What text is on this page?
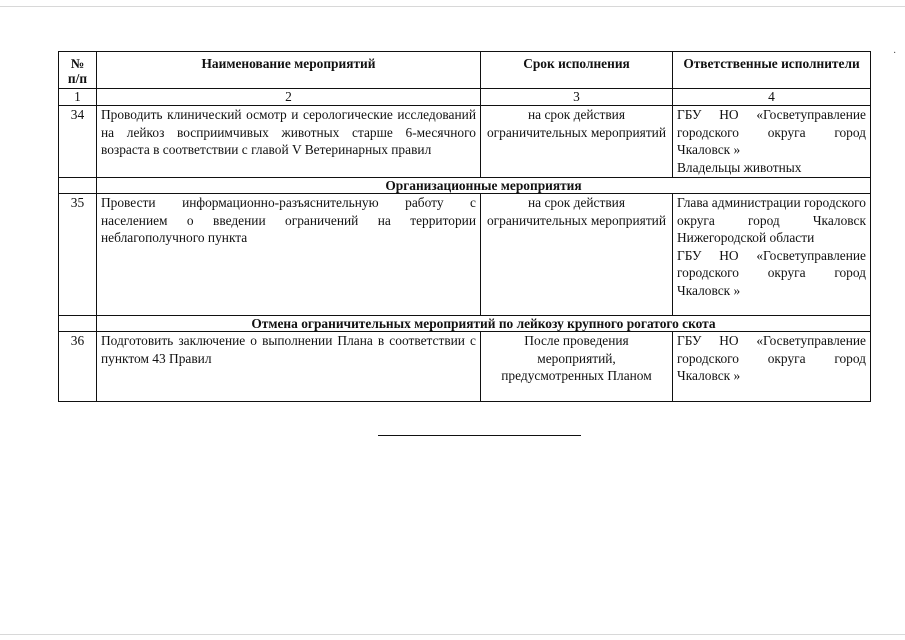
·
№
п/п	Наименование мероприятий	Срок исполнения	Ответственные исполнители
1	2	3	4
34	Проводить клинический осмотр и серологические исследований на лейкоз восприимчивых животных старше 6-месячного возраста в соответствии с главой V Ветеринарных правил	на срок действия ограничительных мероприятий	ГБУ НО «Госветуправление городского округа город Чкаловск »
Владельцы животных
	Организационные мероприятия		
35	Провести информационно-разъяснительную работу с населением о введении ограничений на территории неблагополучного пункта	на срок действия ограничительных мероприятий	Глава администрации городского округа город Чкаловск Нижегородской области
ГБУ НО «Госветуправление городского округа город Чкаловск »
	Отмена ограничительных мероприятий по лейкозу крупного рогатого скота		
36	Подготовить заключение о выполнении Плана в соответствии с пунктом 43 Правил	После проведения мероприятий, предусмотренных Планом	ГБУ НО «Госветуправление городского округа город Чкаловск »
